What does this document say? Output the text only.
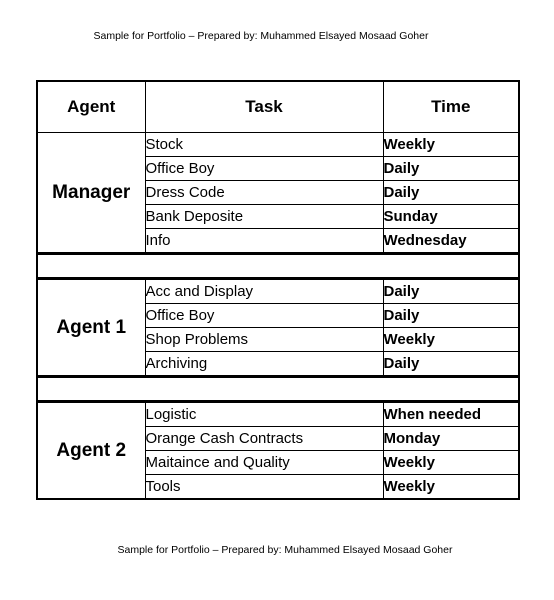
Sample for Portfolio – Prepared by: Muhammed Elsayed Mosaad Goher
Agent	Task	Time
Manager	Stock	Weekly
	Office Boy	Daily
	Dress Code	Daily
	Bank Deposite	Sunday
	Info	Wednesday

Agent 1	Acc and Display	Daily
	Office Boy	Daily
	Shop Problems	Weekly
	Archiving	Daily

Agent 2	Logistic	When needed
	Orange Cash Contracts	Monday
	Maitaince and Quality	Weekly
	Tools	Weekly
Sample for Portfolio – Prepared by: Muhammed Elsayed Mosaad Goher
